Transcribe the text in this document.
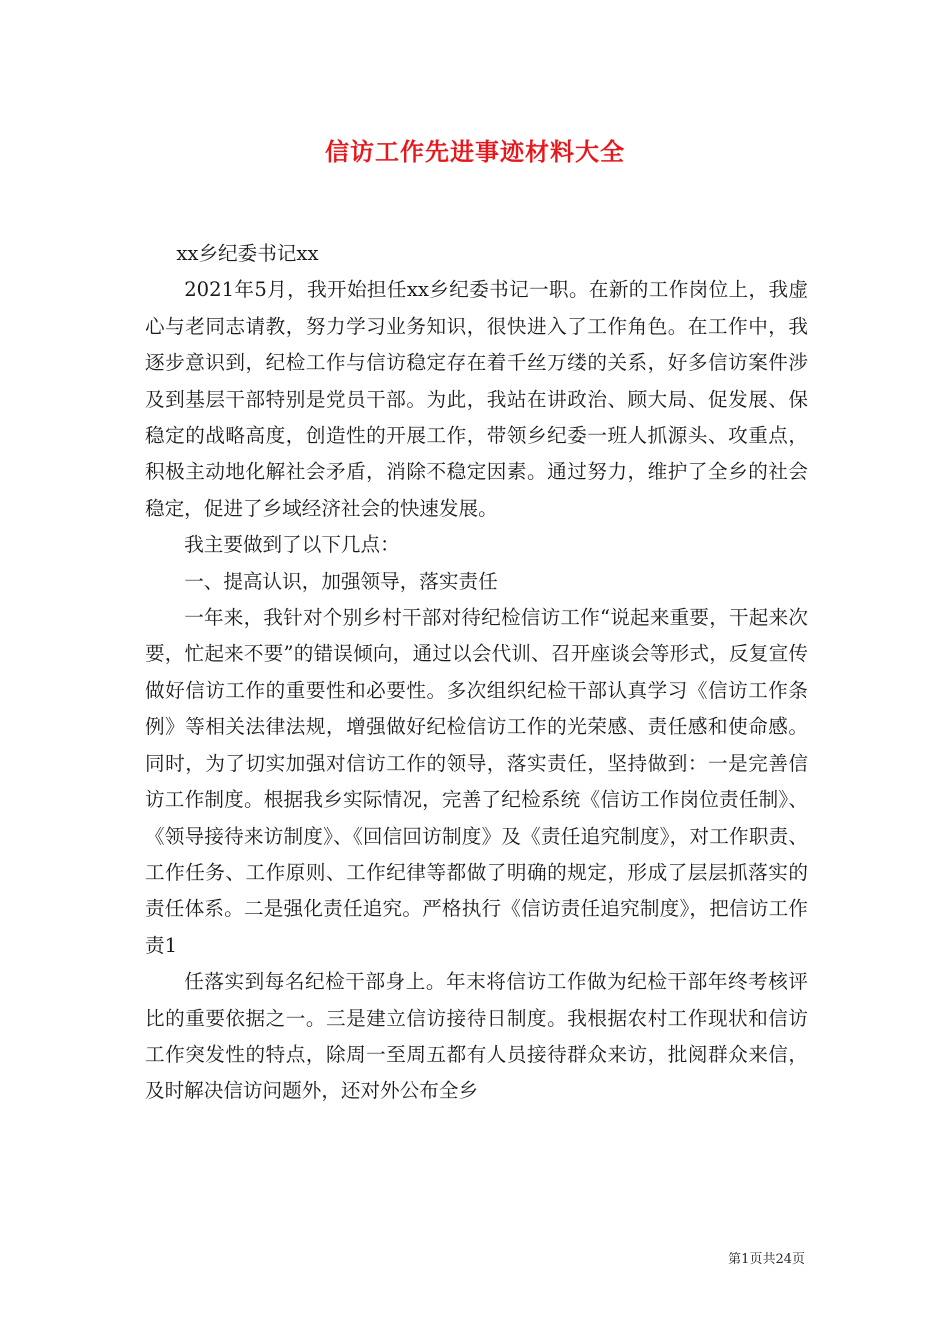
信访工作先进事迹材料大全

xx乡纪委书记xx

2021年5月，我开始担任xx乡纪委书记一职。在新的工作岗位上，我虚心与老同志请教，努力学习业务知识，很快进入了工作角色。在工作中，我逐步意识到，纪检工作与信访稳定存在着千丝万缕的关系，好多信访案件涉及到基层干部特别是党员干部。为此，我站在讲政治、顾大局、促发展、保稳定的战略高度，创造性的开展工作，带领乡纪委一班人抓源头、攻重点，积极主动地化解社会矛盾，消除不稳定因素。通过努力，维护了全乡的社会稳定，促进了乡域经济社会的快速发展。

我主要做到了以下几点：

一、提高认识，加强领导，落实责任

一年来，我针对个别乡村干部对待纪检信访工作“说起来重要，干起来次要，忙起来不要”的错误倾向，通过以会代训、召开座谈会等形式，反复宣传做好信访工作的重要性和必要性。多次组织纪检干部认真学习《信访工作条例》等相关法律法规，增强做好纪检信访工作的光荣感、责任感和使命感。同时，为了切实加强对信访工作的领导，落实责任，坚持做到：一是完善信访工作制度。根据我乡实际情况，完善了纪检系统《信访工作岗位责任制》、《领导接待来访制度》、《回信回访制度》及《责任追究制度》，对工作职责、工作任务、工作原则、工作纪律等都做了明确的规定，形成了层层抓落实的责任体系。二是强化责任追究。严格执行《信访责任追究制度》，把信访工作责1

任落实到每名纪检干部身上。年末将信访工作做为纪检干部年终考核评比的重要依据之一。三是建立信访接待日制度。我根据农村工作现状和信访工作突发性的特点，除周一至周五都有人员接待群众来访，批阅群众来信，及时解决信访问题外，还对外公布全乡

第1页共24页
